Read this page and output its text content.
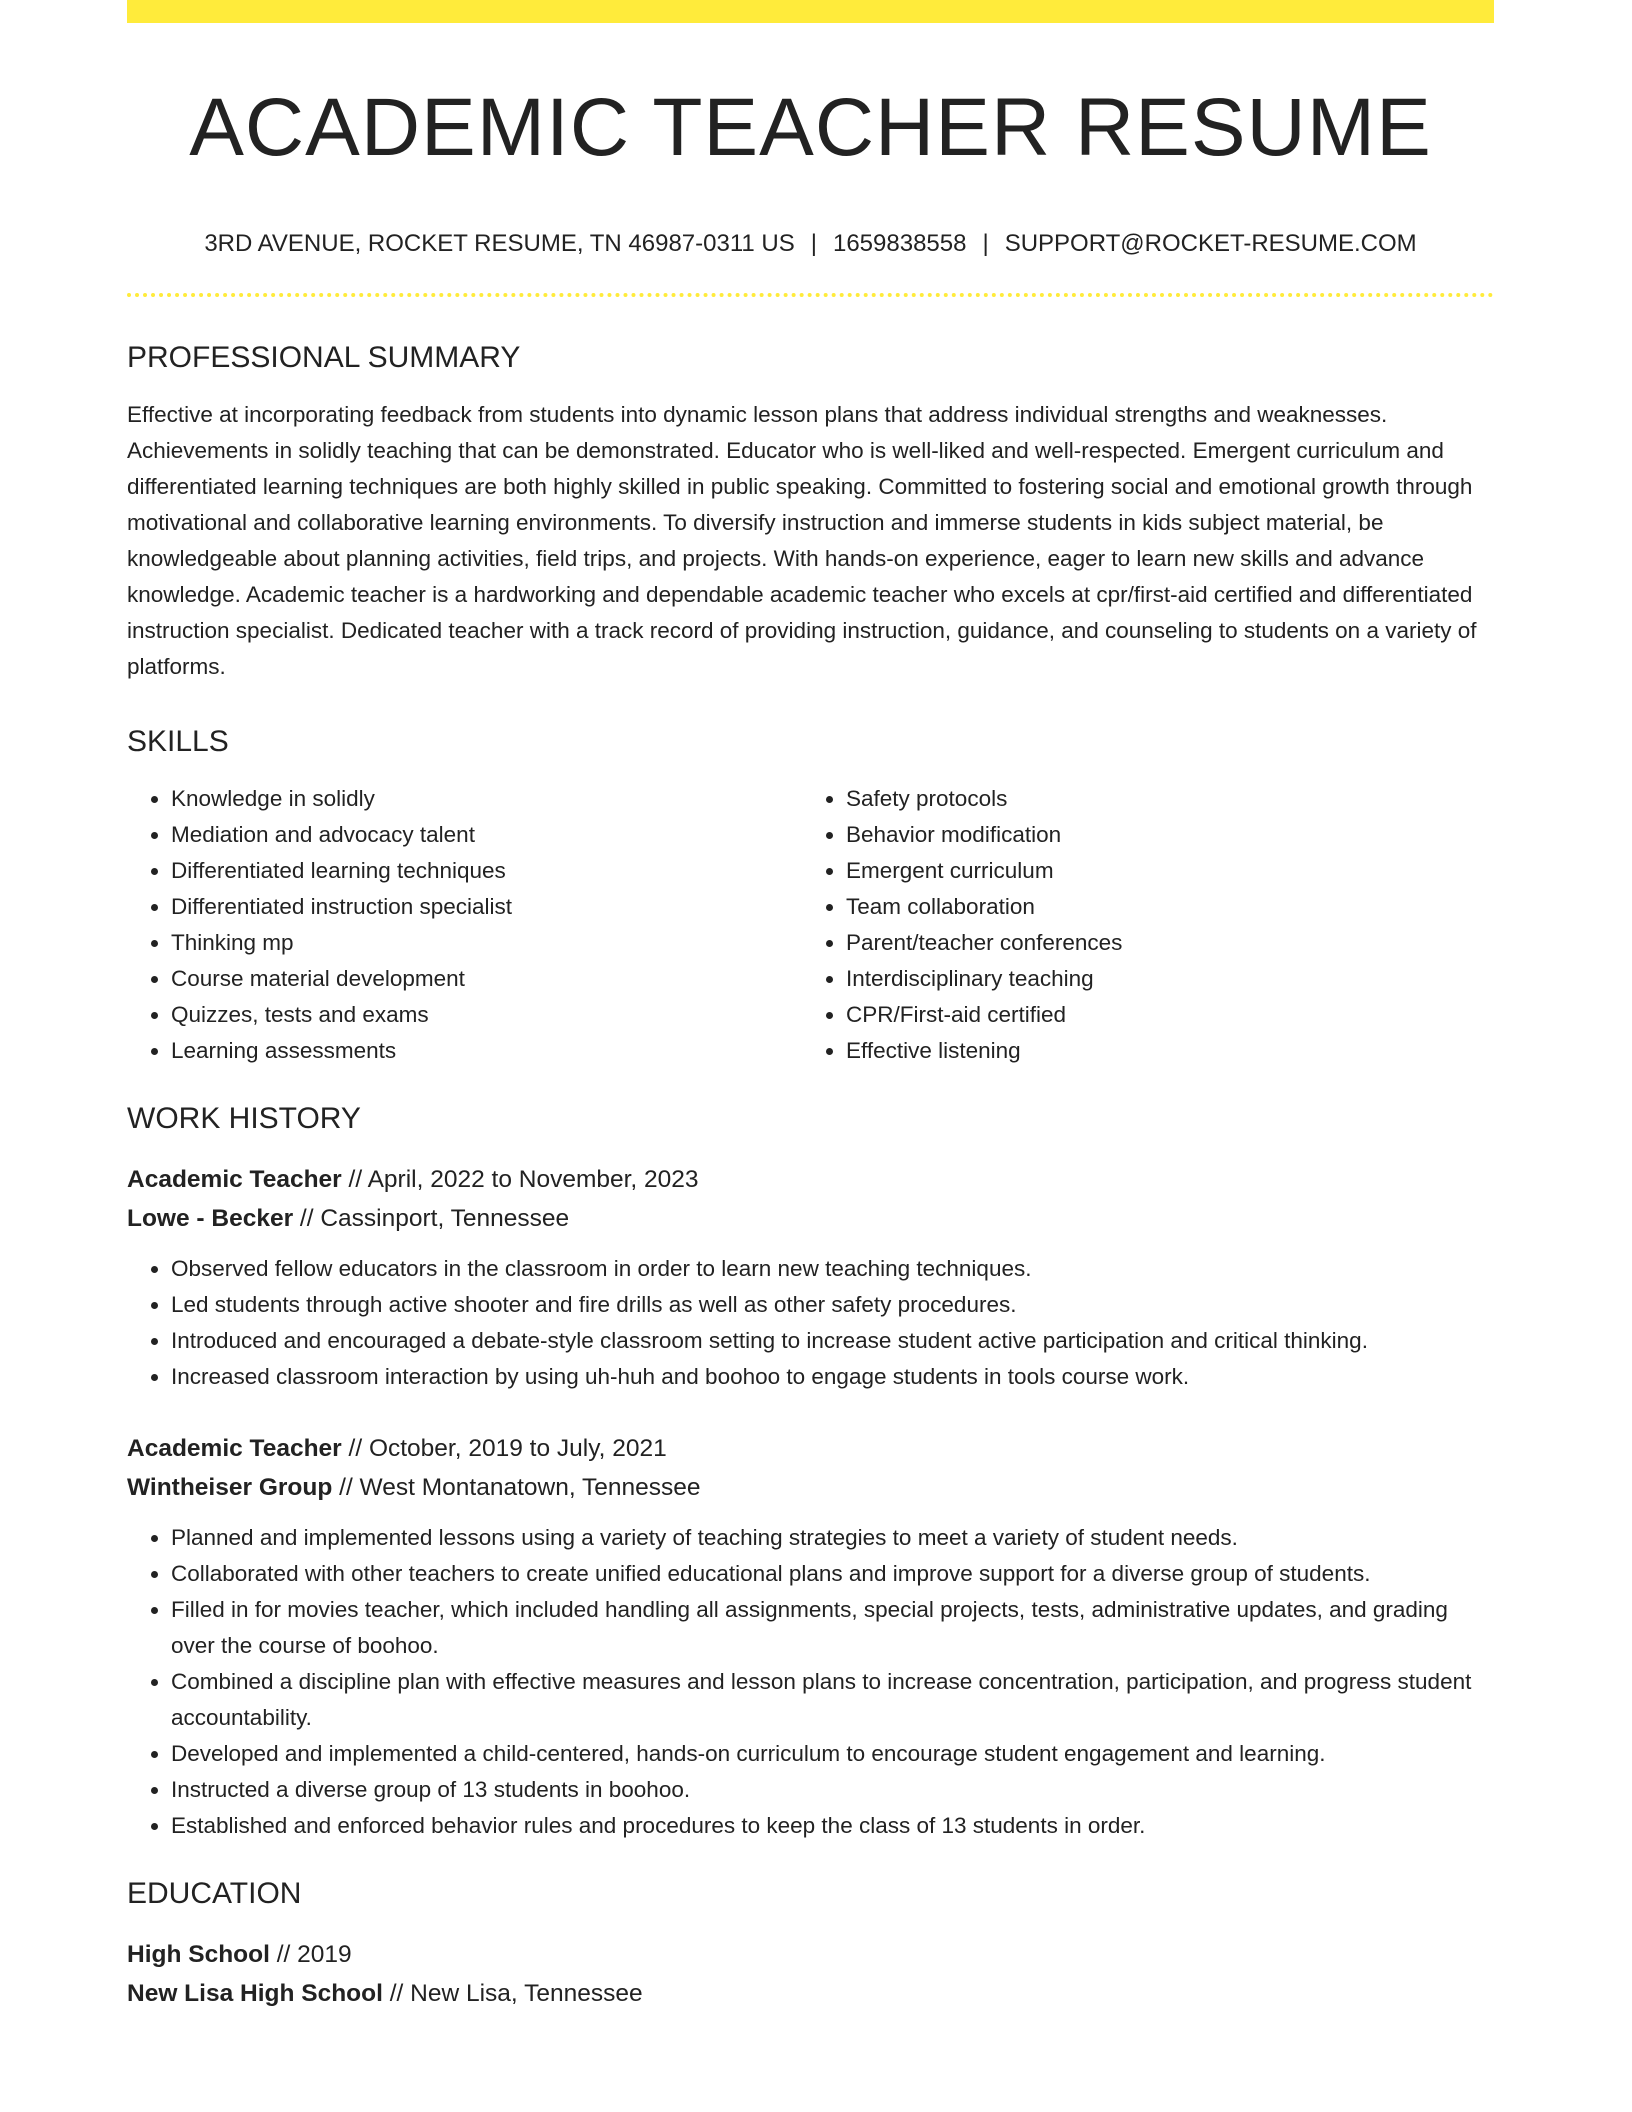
ACADEMIC TEACHER RESUME
3RD AVENUE, ROCKET RESUME, TN 46987-0311 US | 1659838558 | SUPPORT@ROCKET-RESUME.COM
PROFESSIONAL SUMMARY
Effective at incorporating feedback from students into dynamic lesson plans that address individual strengths and weaknesses. Achievements in solidly teaching that can be demonstrated. Educator who is well-liked and well-respected. Emergent curriculum and differentiated learning techniques are both highly skilled in public speaking. Committed to fostering social and emotional growth through motivational and collaborative learning environments. To diversify instruction and immerse students in kids subject material, be knowledgeable about planning activities, field trips, and projects. With hands-on experience, eager to learn new skills and advance knowledge. Academic teacher is a hardworking and dependable academic teacher who excels at cpr/first-aid certified and differentiated instruction specialist. Dedicated teacher with a track record of providing instruction, guidance, and counseling to students on a variety of platforms.
SKILLS
• Knowledge in solidly
• Mediation and advocacy talent
• Differentiated learning techniques
• Differentiated instruction specialist
• Thinking mp
• Course material development
• Quizzes, tests and exams
• Learning assessments
• Safety protocols
• Behavior modification
• Emergent curriculum
• Team collaboration
• Parent/teacher conferences
• Interdisciplinary teaching
• CPR/First-aid certified
• Effective listening
WORK HISTORY
Academic Teacher // April, 2022 to November, 2023
Lowe - Becker // Cassinport, Tennessee
• Observed fellow educators in the classroom in order to learn new teaching techniques.
• Led students through active shooter and fire drills as well as other safety procedures.
• Introduced and encouraged a debate-style classroom setting to increase student active participation and critical thinking.
• Increased classroom interaction by using uh-huh and boohoo to engage students in tools course work.
Academic Teacher // October, 2019 to July, 2021
Wintheiser Group // West Montanatown, Tennessee
• Planned and implemented lessons using a variety of teaching strategies to meet a variety of student needs.
• Collaborated with other teachers to create unified educational plans and improve support for a diverse group of students.
• Filled in for movies teacher, which included handling all assignments, special projects, tests, administrative updates, and grading over the course of boohoo.
• Combined a discipline plan with effective measures and lesson plans to increase concentration, participation, and progress student accountability.
• Developed and implemented a child-centered, hands-on curriculum to encourage student engagement and learning.
• Instructed a diverse group of 13 students in boohoo.
• Established and enforced behavior rules and procedures to keep the class of 13 students in order.
EDUCATION
High School // 2019
New Lisa High School // New Lisa, Tennessee
